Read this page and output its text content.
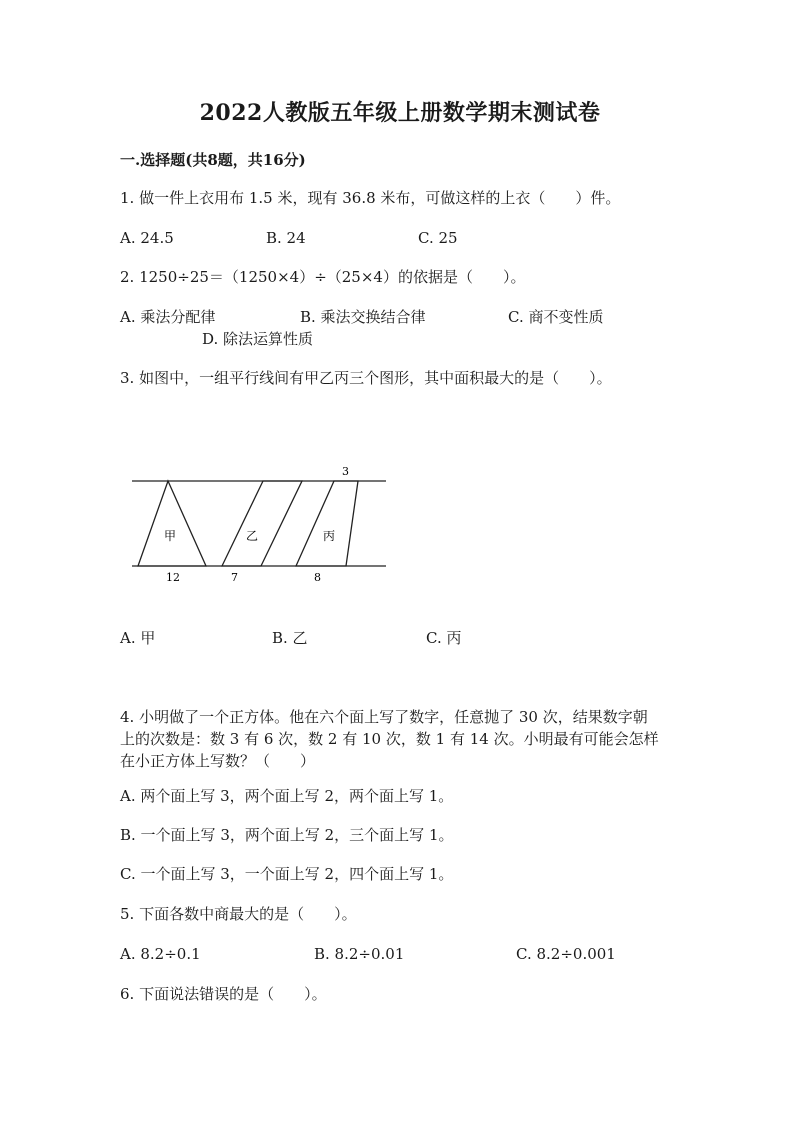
2022人教版五年级上册数学期末测试卷
一.选择题(共8题，共16分)
1. 做一件上衣用布 1.5 米，现有 36.8 米布，可做这样的上衣（　　）件。
A. 24.5	B. 24	C. 25
2. 1250÷25＝（1250×4）÷（25×4）的依据是（　　）。
A. 乘法分配律	B. 乘法交换结合律	C. 商不变性质
D. 除法运算性质
3. 如图中，一组平行线间有甲乙丙三个图形，其中面积最大的是（　　）。
甲	乙	丙
3
12	7	8
A. 甲	B. 乙	C. 丙
4. 小明做了一个正方体。他在六个面上写了数字，任意抛了 30 次，结果数字朝
上的次数是：数 3 有 6 次，数 2 有 10 次，数 1 有 14 次。小明最有可能会怎样
在小正方体上写数？（　　）
A. 两个面上写 3，两个面上写 2，两个面上写 1。
B. 一个面上写 3，两个面上写 2，三个面上写 1。
C. 一个面上写 3，一个面上写 2，四个面上写 1。
5. 下面各数中商最大的是（　　）。
A. 8.2÷0.1	B. 8.2÷0.01	C. 8.2÷0.001
6. 下面说法错误的是（　　）。
